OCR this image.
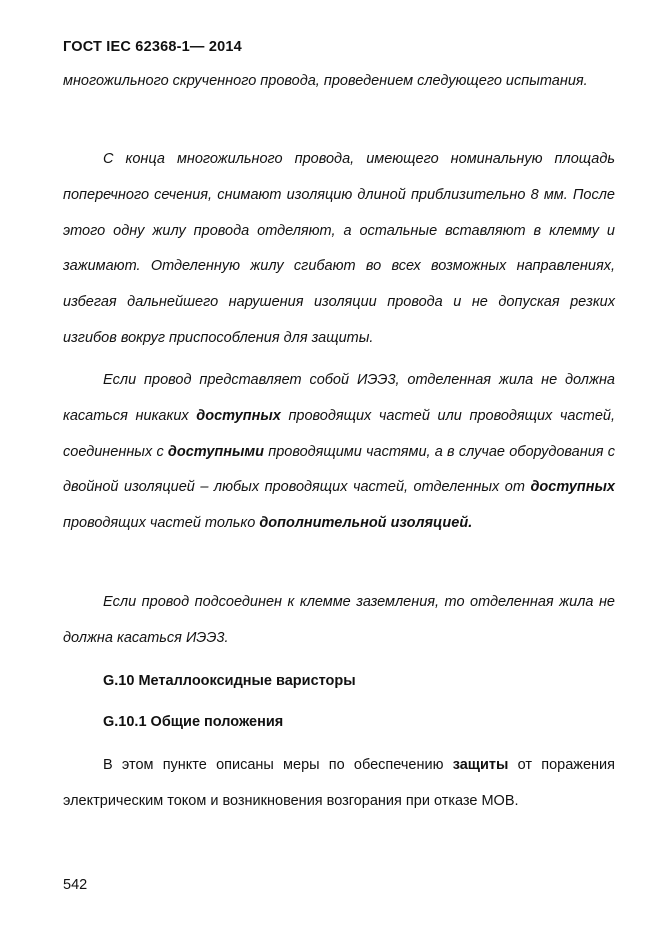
ГОСТ IEC 62368-1— 2014

многожильного скрученного провода, проведением следующего испытания.

С конца многожильного провода, имеющего номинальную площадь поперечного сечения, снимают изоляцию длиной приблизительно 8 мм. После этого одну жилу провода отделяют, а остальные вставляют в клемму и зажимают. Отделенную жилу сгибают во всех возможных направлениях, избегая дальнейшего нарушения изоляции провода и не допуская резких изгибов вокруг приспособления для защиты.

Если провод представляет собой ИЭЭ3, отделенная жила не должна касаться никаких доступных проводящих частей или проводящих частей, соединенных с доступными проводящими частями, а в случае оборудования с двойной изоляцией – любых проводящих частей, отделенных от доступных проводящих частей только дополнительной изоляцией.

Если провод подсоединен к клемме заземления, то отделенная жила не должна касаться ИЭЭ3.

G.10 Металлооксидные варисторы
G.10.1 Общие положения

В этом пункте описаны меры по обеспечению защиты от поражения электрическим током и возникновения возгорания при отказе МОВ.

542
